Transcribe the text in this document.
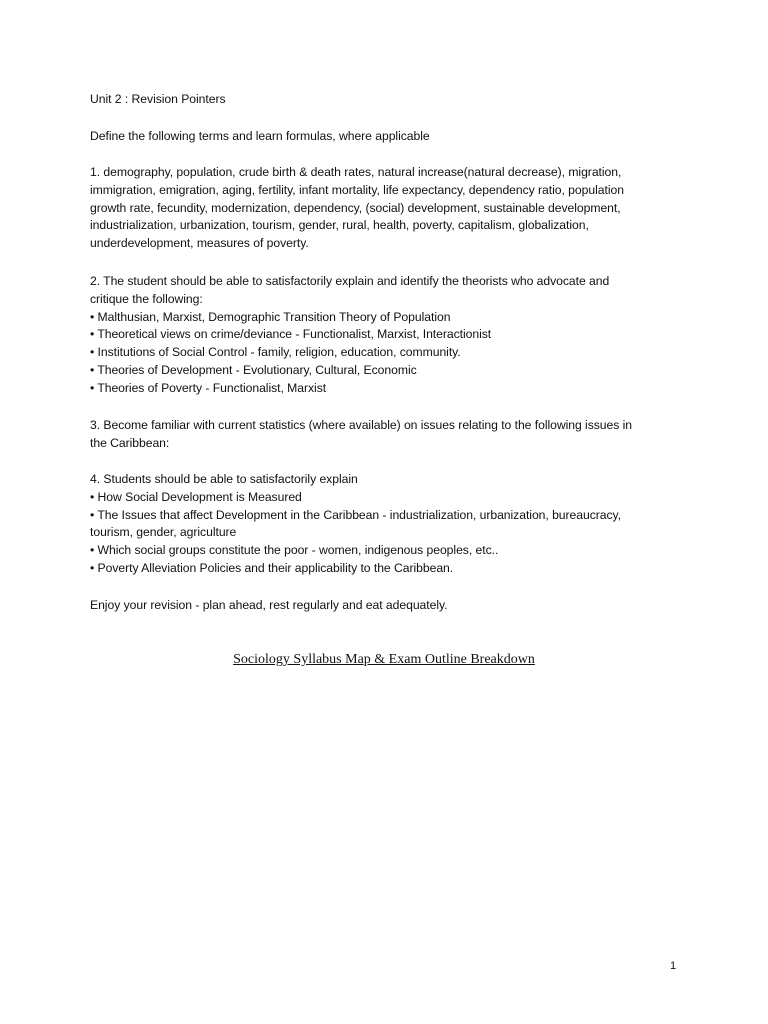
Unit 2 : Revision Pointers
Define the following terms and learn formulas, where applicable
1. demography, population, crude birth & death rates, natural increase(natural decrease), migration,
immigration, emigration, aging, fertility, infant mortality, life expectancy, dependency ratio, population
growth rate, fecundity, modernization, dependency, (social) development, sustainable development,
industrialization, urbanization, tourism, gender, rural, health, poverty, capitalism, globalization,
underdevelopment, measures of poverty.
2. The student should be able to satisfactorily explain and identify the theorists who advocate and
critique the following:
• Malthusian, Marxist, Demographic Transition Theory of Population
• Theoretical views on crime/deviance - Functionalist, Marxist, Interactionist
• Institutions of Social Control - family, religion, education, community.
• Theories of Development - Evolutionary, Cultural, Economic
• Theories of Poverty - Functionalist, Marxist
3. Become familiar with current statistics (where available) on issues relating to the following issues in
the Caribbean:
4. Students should be able to satisfactorily explain
• How Social Development is Measured
• The Issues that affect Development in the Caribbean - industrialization, urbanization, bureaucracy,
tourism, gender, agriculture
• Which social groups constitute the poor - women, indigenous peoples, etc..
• Poverty Alleviation Policies and their applicability to the Caribbean.
Enjoy your revision - plan ahead, rest regularly and eat adequately.
Sociology Syllabus Map & Exam Outline Breakdown
1
